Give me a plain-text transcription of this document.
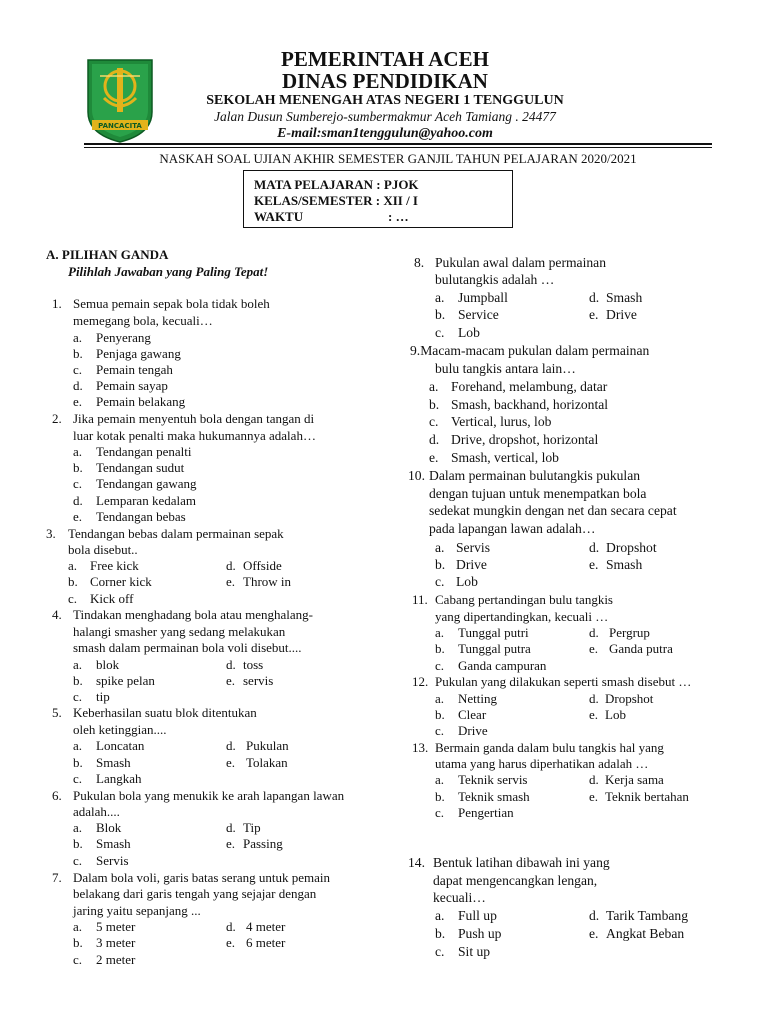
PANCACITA
PEMERINTAH ACEH
DINAS PENDIDIKAN
SEKOLAH MENENGAH ATAS NEGERI 1 TENGGULUN
Jalan Dusun Sumberejo-sumbermakmur Aceh Tamiang . 24477
E-mail:sman1tenggulun@yahoo.com
NASKAH SOAL UJIAN AKHIR SEMESTER GANJIL TAHUN PELAJARAN 2020/2021
MATA PELAJARAN : PJOK
KELAS/SEMESTER : XII / I
WAKTU	: …
A. PILIHAN GANDA
Pilihlah Jawaban yang Paling Tepat!
1. Semua pemain sepak bola tidak boleh
memegang bola, kecuali…
a. Penyerang
b. Penjaga gawang
c. Pemain tengah
d. Pemain sayap
e. Pemain belakang
2. Jika pemain menyentuh bola dengan tangan di
luar kotak penalti maka hukumannya adalah…
a. Tendangan penalti
b. Tendangan sudut
c. Tendangan gawang
d. Lemparan kedalam
e. Tendangan bebas
3. Tendangan bebas dalam permainan sepak
bola disebut..
a. Free kick	d. Offside
b. Corner kick	e. Throw in
c. Kick off
4. Tindakan menghadang bola atau menghalang-
halangi smasher yang sedang melakukan
smash dalam permainan bola voli disebut....
a. blok	d. toss
b. spike pelan	e. servis
c. tip
5. Keberhasilan suatu blok ditentukan
oleh ketinggian....
a. Loncatan	d. Pukulan
b. Smash	e. Tolakan
c. Langkah
6. Pukulan bola yang menukik ke arah lapangan lawan
adalah....
a. Blok	d. Tip
b. Smash	e. Passing
c. Servis
7. Dalam bola voli, garis batas serang untuk pemain
belakang dari garis tengah yang sejajar dengan
jaring yaitu sepanjang ...
a. 5 meter	d. 4 meter
b. 3 meter	e. 6 meter
c. 2 meter
8. Pukulan awal dalam permainan
bulutangkis adalah …
a. Jumpball	d. Smash
b. Service	e. Drive
c. Lob
9.Macam-macam pukulan dalam permainan
bulu tangkis antara lain…
a. Forehand, melambung, datar
b. Smash, backhand, horizontal
c. Vertical, lurus, lob
d. Drive, dropshot, horizontal
e. Smash, vertical, lob
10. Dalam permainan bulutangkis pukulan
dengan tujuan untuk menempatkan bola
sedekat mungkin dengan net dan secara cepat
pada lapangan lawan adalah…
a. Servis	d. Dropshot
b. Drive	e. Smash
c. Lob
11. Cabang pertandingan bulu tangkis
yang dipertandingkan, kecuali …
a. Tunggal putri	d. Pergrup
b. Tunggal putra	e. Ganda putra
c. Ganda campuran
12. Pukulan yang dilakukan seperti smash disebut …
a. Netting	d. Dropshot
b. Clear	e. Lob
c. Drive
13. Bermain ganda dalam bulu tangkis hal yang
utama yang harus diperhatikan adalah …
a. Teknik servis	d. Kerja sama
b. Teknik smash	e. Teknik bertahan
c. Pengertian
14. Bentuk latihan dibawah ini yang
dapat mengencangkan lengan,
kecuali…
a. Full up	d. Tarik Tambang
b. Push up	e. Angkat Beban
c. Sit up
